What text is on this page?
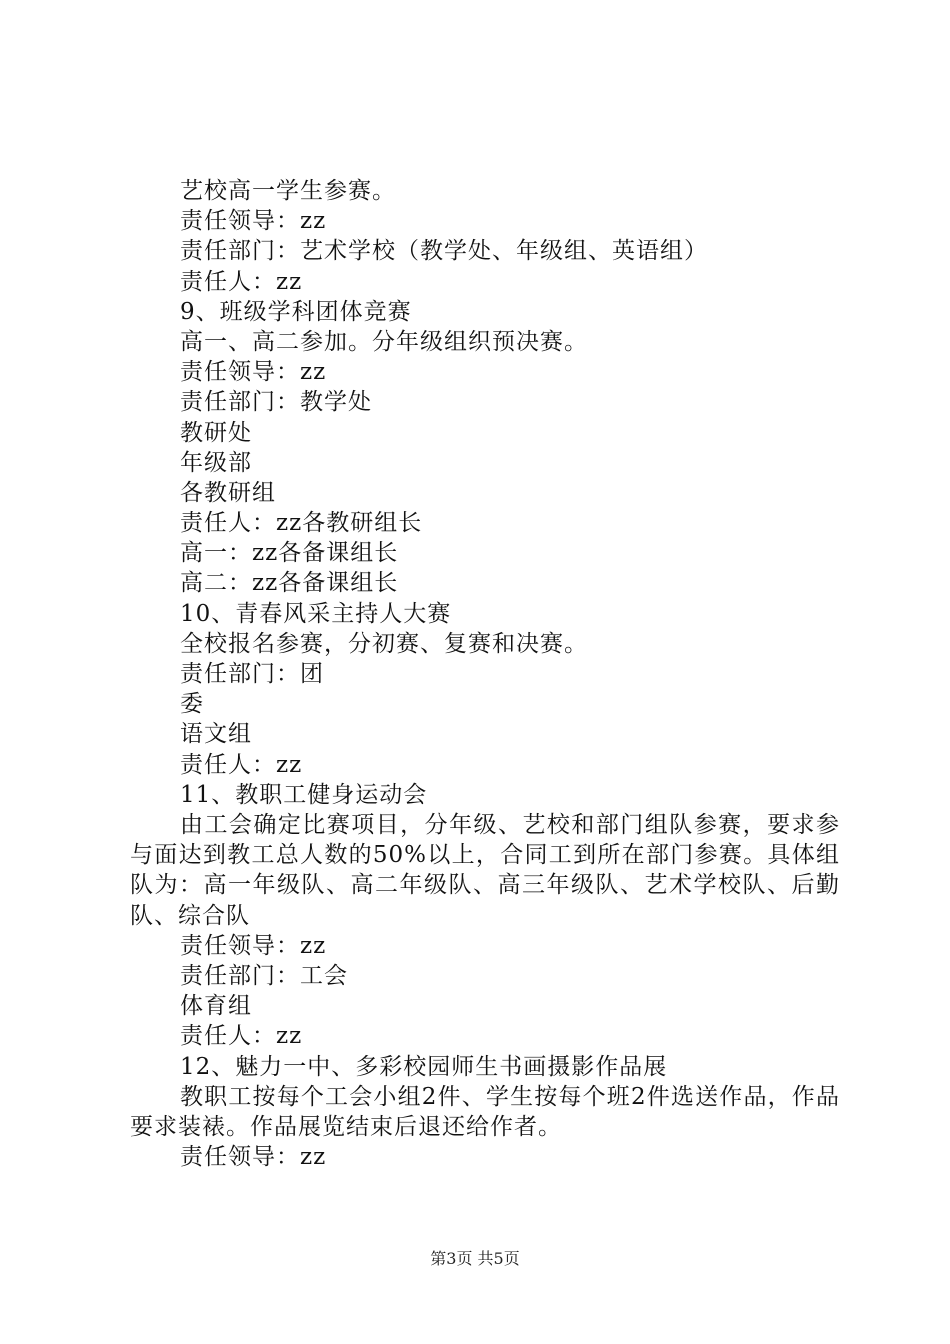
艺校高一学生参赛。
责任领导：zz
责任部门：艺术学校（教学处、年级组、英语组）
责任人：zz
9、班级学科团体竞赛
高一、高二参加。分年级组织预决赛。
责任领导：zz
责任部门：教学处
教研处
年级部
各教研组
责任人：zz各教研组长
高一：zz各备课组长
高二：zz各备课组长
10、青春风采主持人大赛
全校报名参赛，分初赛、复赛和决赛。
责任部门：团
委
语文组
责任人：zz
11、教职工健身运动会
由工会确定比赛项目，分年级、艺校和部门组队参赛，要求参与面达到教工总人数的50%以上，合同工到所在部门参赛。具体组队为：高一年级队、高二年级队、高三年级队、艺术学校队、后勤队、综合队
责任领导：zz
责任部门：工会
体育组
责任人：zz
12、魅力一中、多彩校园师生书画摄影作品展
教职工按每个工会小组2件、学生按每个班2件选送作品，作品要求装裱。作品展览结束后退还给作者。
责任领导：zz
第3页 共5页
